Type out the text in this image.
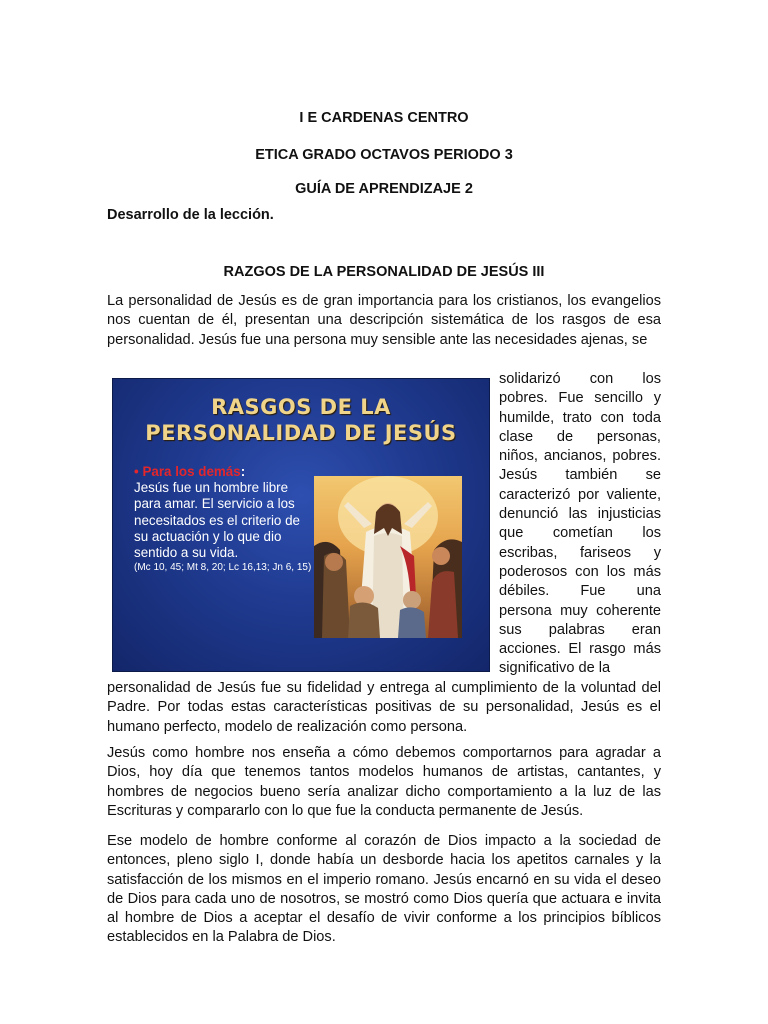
I E CARDENAS CENTRO
ETICA GRADO OCTAVOS PERIODO 3
GUÍA DE APRENDIZAJE 2
Desarrollo de la lección.
RAZGOS DE LA PERSONALIDAD DE JESÚS III

La personalidad de Jesús es de gran importancia para los cristianos, los evangelios nos cuentan de él, presentan una descripción sistemática de los rasgos de esa personalidad. Jesús fue una persona muy sensible ante las necesidades ajenas, se

RASGOS DE LA
PERSONALIDAD DE JESÚS
• Para los demás:
Jesús fue un hombre libre para amar. El servicio a los necesitados es el criterio de su actuación y lo que dio sentido a su vida.
(Mc 10, 45; Mt 8, 20; Lc 16,13; Jn 6, 15)

solidarizó con los pobres. Fue sencillo y humilde, trato con toda clase de personas, niños, ancianos, pobres. Jesús también se caracterizó por valiente, denunció las injusticias que cometían los escribas, fariseos y poderosos con los más débiles. Fue una persona muy coherente sus palabras eran acciones. El rasgo más significativo de la

personalidad de Jesús fue su fidelidad y entrega al cumplimiento de la voluntad del Padre. Por todas estas características positivas de su personalidad, Jesús es el humano perfecto, modelo de realización como persona.

Jesús como hombre nos enseña a cómo debemos comportarnos para agradar a Dios, hoy día que tenemos tantos modelos humanos de artistas, cantantes, y hombres de negocios bueno sería analizar dicho comportamiento a la luz de las Escrituras y compararlo con lo que fue la conducta permanente de Jesús.

Ese modelo de hombre conforme al corazón de Dios impacto a la sociedad de entonces, pleno siglo I, donde había un desborde hacia los apetitos carnales y la satisfacción de los mismos en el imperio romano. Jesús encarnó en su vida el deseo de Dios para cada uno de nosotros, se mostró como Dios quería que actuara e invita al hombre de Dios a aceptar el desafío de vivir conforme a los principios bíblicos establecidos en la Palabra de Dios.
